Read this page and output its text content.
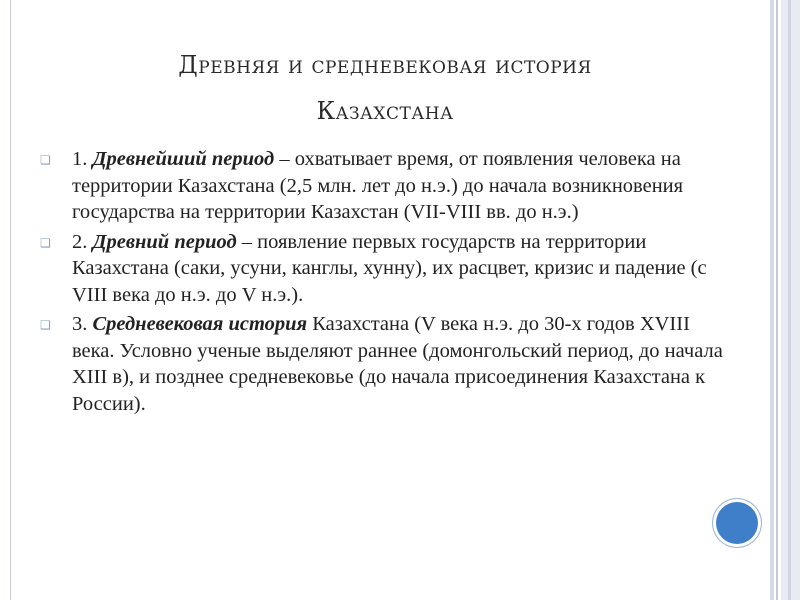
Древняя и средневековая история
Казахстана
❑ 1. Древнейший период – охватывает время, от появления человека на территории Казахстана (2,5 млн. лет до н.э.) до начала возникновения государства на территории Казахстан (VII-VIII вв. до н.э.)
❑ 2. Древний период – появление первых государств на территории Казахстана (саки, усуни, канглы, хунну), их расцвет, кризис и падение (с VIII века до н.э. до V н.э.).
❑ 3. Средневековая история Казахстана (V века н.э. до 30-х годов XVIII века. Условно ученые выделяют раннее (домонгольский период, до начала XIII в), и позднее средневековье (до начала присоединения Казахстана к России).
